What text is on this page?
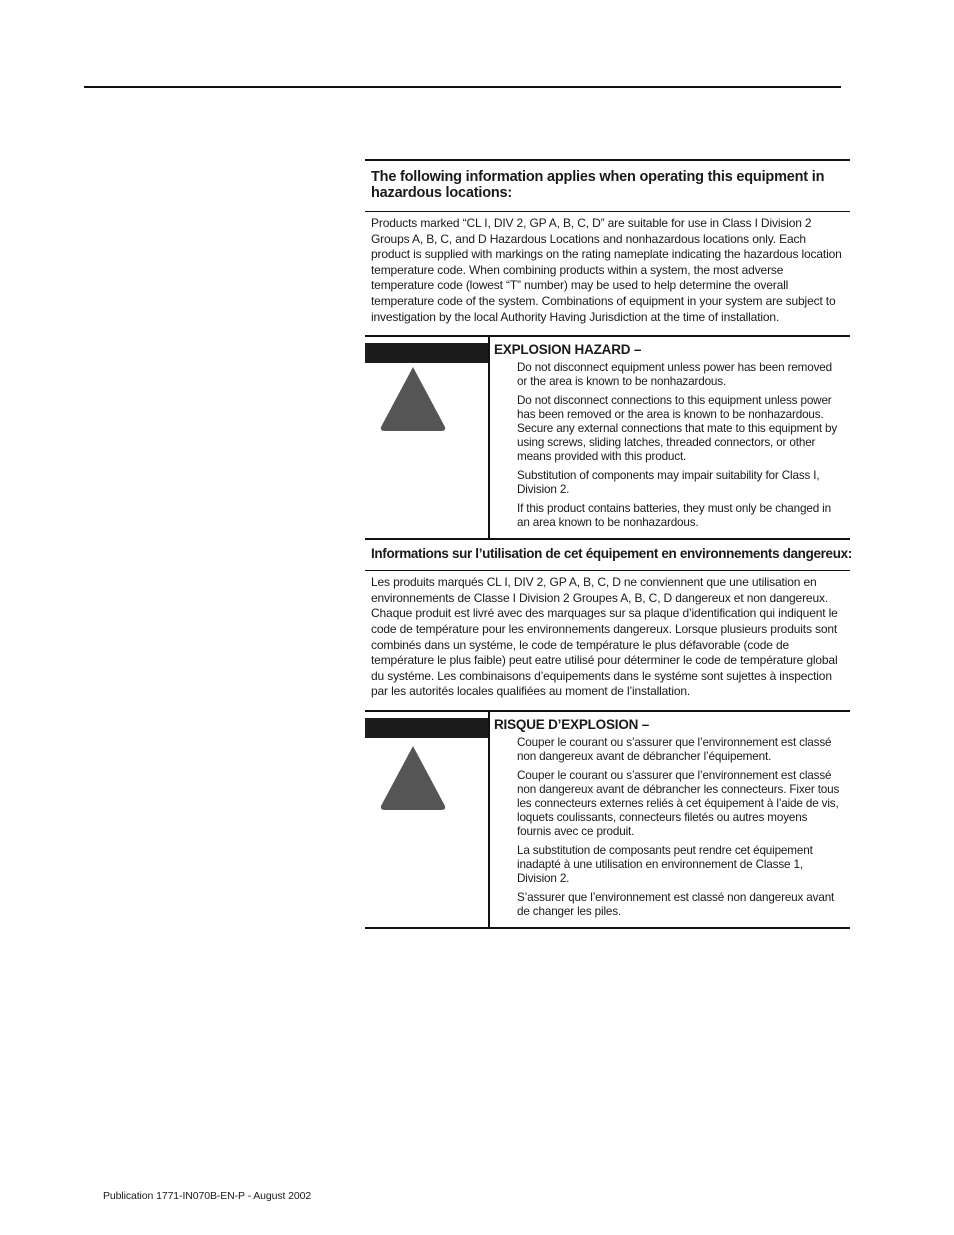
The following information applies when operating this equipment in hazardous locations:
Products marked “CL I, DIV 2, GP A, B, C, D” are suitable for use in Class I Division 2 Groups A, B, C, and D Hazardous Locations and nonhazardous locations only. Each product is supplied with markings on the rating nameplate indicating the hazardous location temperature code. When combining products within a system, the most adverse temperature code (lowest “T” number) may be used to help determine the overall temperature code of the system. Combinations of equipment in your system are subject to investigation by the local Authority Having Jurisdiction at the time of installation.
EXPLOSION HAZARD –
Do not disconnect equipment unless power has been removed or the area is known to be nonhazardous.
Do not disconnect connections to this equipment unless power has been removed or the area is known to be nonhazardous. Secure any external connections that mate to this equipment by using screws, sliding latches, threaded connectors, or other means provided with this product.
Substitution of components may impair suitability for Class I, Division 2.
If this product contains batteries, they must only be changed in an area known to be nonhazardous.
Informations sur l’utilisation de cet équipement en environnements dangereux:
Les produits marqués CL I, DIV 2, GP A, B, C, D ne conviennent que une utilisation en environnements de Classe I Division 2 Groupes A, B, C, D dangereux et non dangereux. Chaque produit est livré avec des marquages sur sa plaque d’identification qui indiquent le code de température pour les environnements dangereux. Lorsque plusieurs produits sont combinés dans un systéme, le code de température le plus défavorable (code de température le plus faible) peut eatre utilisé pour déterminer le code de température global du systéme. Les combinaisons d’equipements dans le systéme sont sujettes à inspection par les autorités locales qualifiées au moment de l’installation.
RISQUE D’EXPLOSION –
Couper le courant ou s’assurer que l’environnement est classé non dangereux avant de débrancher l’équipement.
Couper le courant ou s’assurer que l’environnement est classé non dangereux avant de débrancher les connecteurs. Fixer tous les connecteurs externes reliés à cet équipement à l’aide de vis, loquets coulissants, connecteurs filetés ou autres moyens fournis avec ce produit.
La substitution de composants peut rendre cet équipement inadapté à une utilisation en environnement de Classe 1, Division 2.
S’assurer que l’environnement est classé non dangereux avant de changer les piles.
Publication 1771-IN070B-EN-P - August 2002
